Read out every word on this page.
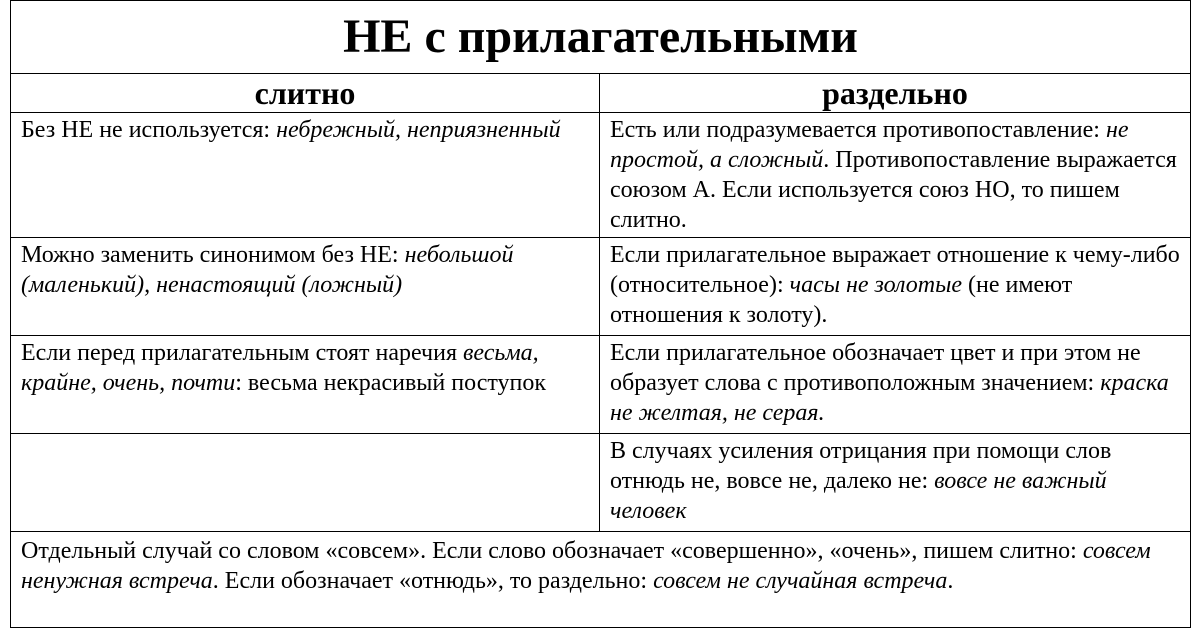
НЕ с прилагательными	
слитно	раздельно
Без НЕ не используется: небрежный, неприязненный	Есть или подразумевается противопоставление: не простой, а сложный. Противопоставление выражается союзом А. Если используется союз НО, то пишем слитно.
Можно заменить синонимом без НЕ: небольшой (маленький), ненастоящий (ложный)	Если прилагательное выражает отношение к чему-либо (относительное): часы не золотые (не имеют отношения к золоту).
Если перед прилагательным стоят наречия весьма, крайне, очень, почти: весьма некрасивый поступок	Если прилагательное обозначает цвет и при этом не образует слова с противоположным значением: краска не желтая, не серая.
	В случаях усиления отрицания при помощи слов отнюдь не, вовсе не, далеко не: вовсе не важный человек
Отдельный случай со словом «совсем». Если слово обозначает «совершенно», «очень», пишем слитно: совсем ненужная встреча. Если обозначает «отнюдь», то раздельно: совсем не случайная встреча.	
